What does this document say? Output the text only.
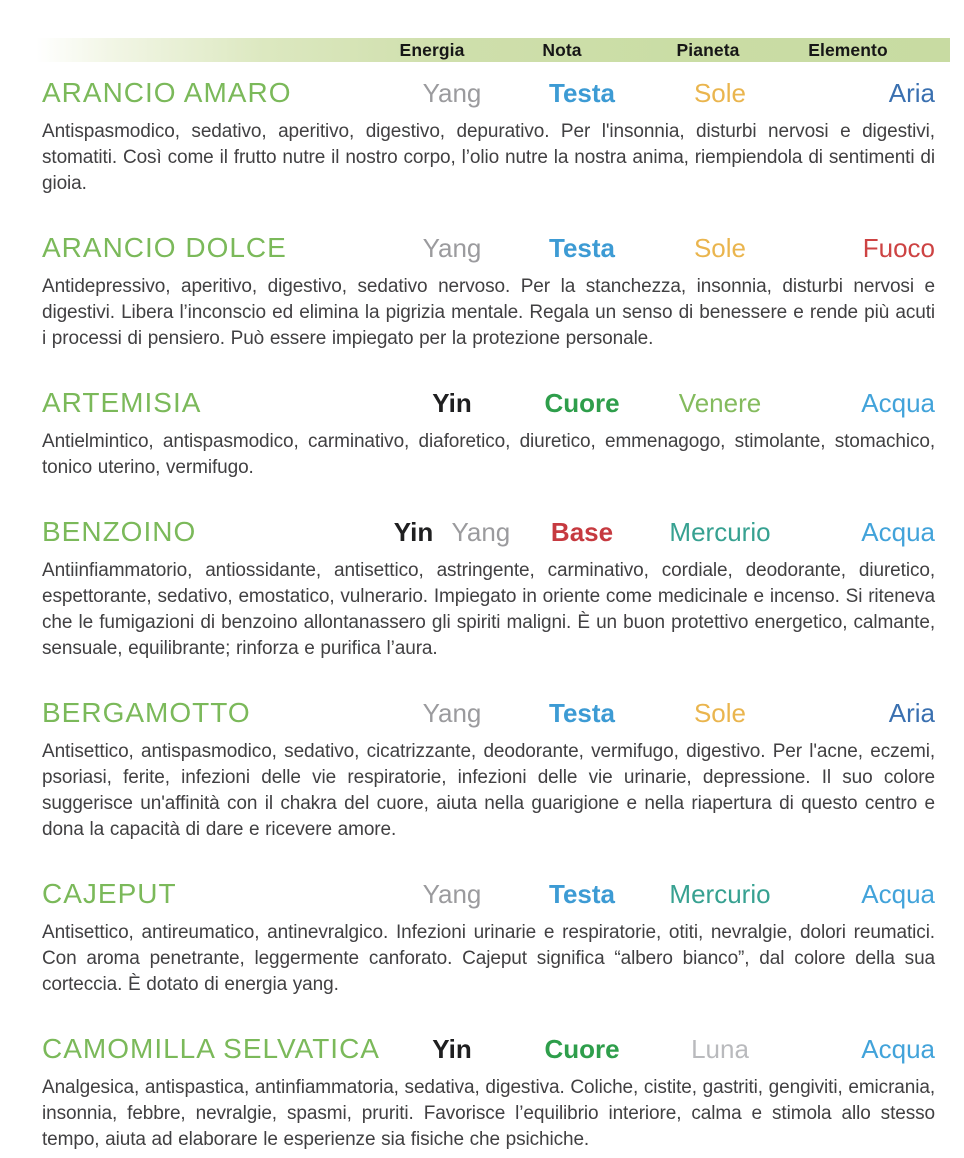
Energia	Nota	Pianeta	Elemento
ARANCIO AMARO	Yang	Testa	Sole	Aria

Antispasmodico, sedativo, aperitivo, digestivo, depurativo. Per l'insonnia, disturbi nervosi e digestivi, stomatiti. Così come il frutto nutre il nostro corpo, l’olio nutre la nostra anima, riempiendola di sentimenti di gioia.

ARANCIO DOLCE	Yang	Testa	Sole	Fuoco

Antidepressivo, aperitivo, digestivo, sedativo nervoso. Per la stanchezza, insonnia, disturbi nervosi e digestivi. Libera l’inconscio ed elimina la pigrizia mentale. Regala un senso di benessere e rende più acuti i processi di pensiero. Può essere impiegato per la protezione personale.

ARTEMISIA	Yin	Cuore	Venere	Acqua

Antielmintico, antispasmodico, carminativo, diaforetico, diuretico, emmenagogo, stimolante, stomachico, tonico uterino, vermifugo.

BENZOINO	Yin Yang	Base	Mercurio	Acqua

Antiinfiammatorio, antiossidante, antisettico, astringente, carminativo, cordiale, deodorante, diuretico, espettorante, sedativo, emostatico, vulnerario. Impiegato in oriente come medicinale e incenso. Si riteneva che le fumigazioni di benzoino allontanassero gli spiriti maligni. È un buon protettivo energetico, calmante, sensuale, equilibrante; rinforza e purifica l’aura.

BERGAMOTTO	Yang	Testa	Sole	Aria

Antisettico, antispasmodico, sedativo, cicatrizzante, deodorante, vermifugo, digestivo. Per l'acne, eczemi, psoriasi, ferite, infezioni delle vie respiratorie, infezioni delle vie urinarie, depressione. Il suo colore suggerisce un'affinità con il chakra del cuore, aiuta nella guarigione e nella riapertura di questo centro e dona la capacità di dare e ricevere amore.

CAJEPUT	Yang	Testa	Mercurio	Acqua

Antisettico, antireumatico, antinevralgico. Infezioni urinarie e respiratorie, otiti, nevralgie, dolori reumatici. Con aroma penetrante, leggermente canforato. Cajeput significa “albero bianco”, dal colore della sua corteccia. È dotato di energia yang.

CAMOMILLA SELVATICA	Yin	Cuore	Luna	Acqua

Analgesica, antispastica, antinfiammatoria, sedativa, digestiva. Coliche, cistite, gastriti, gengiviti, emicrania, insonnia, febbre, nevralgie, spasmi, pruriti. Favorisce l’equilibrio interiore, calma e stimola allo stesso tempo, aiuta ad elaborare le esperienze sia fisiche che psichiche.
